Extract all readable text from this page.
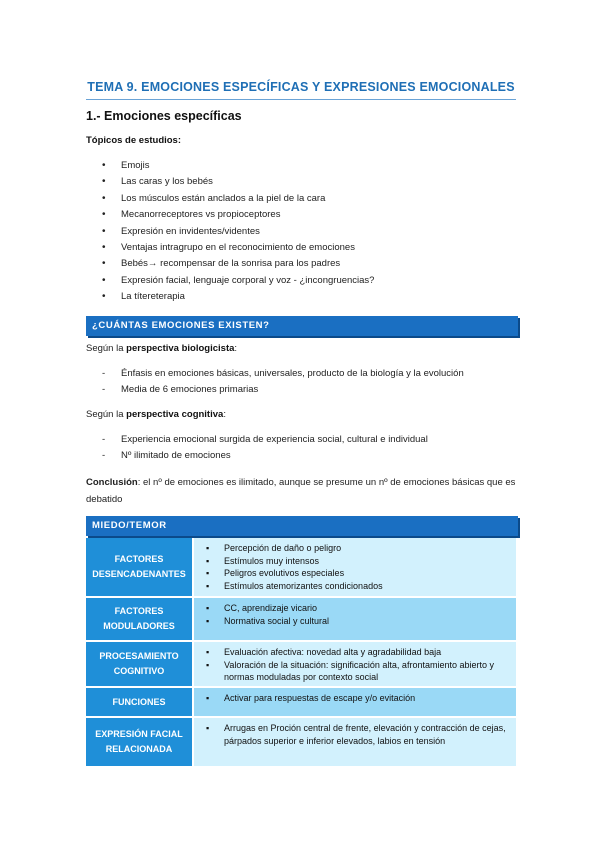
TEMA 9. EMOCIONES ESPECÍFICAS Y EXPRESIONES EMOCIONALES
1.- Emociones específicas
Tópicos de estudios:
• Emojis
• Las caras y los bebés
• Los músculos están anclados a la piel de la cara
• Mecanorreceptores vs propioceptores
• Expresión en invidentes/videntes
• Ventajas intragrupo en el reconocimiento de emociones
• Bebés→ recompensar de la sonrisa para los padres
• Expresión facial, lenguaje corporal y voz - ¿incongruencias?
• La títereterapia
¿CUÁNTAS EMOCIONES EXISTEN?
Según la perspectiva biologicista:
- Énfasis en emociones básicas, universales, producto de la biología y la evolución
- Media de 6 emociones primarias
Según la perspectiva cognitiva:
- Experiencia emocional surgida de experiencia social, cultural e individual
- Nº ilimitado de emociones
Conclusión: el nº de emociones es ilimitado, aunque se presume un nº de emociones básicas que es debatido
MIEDO/TEMOR
FACTORES DESENCADENANTES
▪ Percepción de daño o peligro
▪ Estímulos muy intensos
▪ Peligros evolutivos especiales
▪ Estímulos atemorizantes condicionados
FACTORES MODULADORES
▪ CC, aprendizaje vicario
▪ Normativa social y cultural
PROCESAMIENTO COGNITIVO
▪ Evaluación afectiva: novedad alta y agradabilidad baja
▪ Valoración de la situación: significación alta, afrontamiento abierto y normas moduladas por contexto social
FUNCIONES
▪	Activar para respuestas de escape y/o evitación
EXPRESIÓN FACIAL RELACIONADA
▪ Arrugas en Proción central de frente, elevación y contracción de cejas, párpados superior e inferior elevados, labios en tensión
